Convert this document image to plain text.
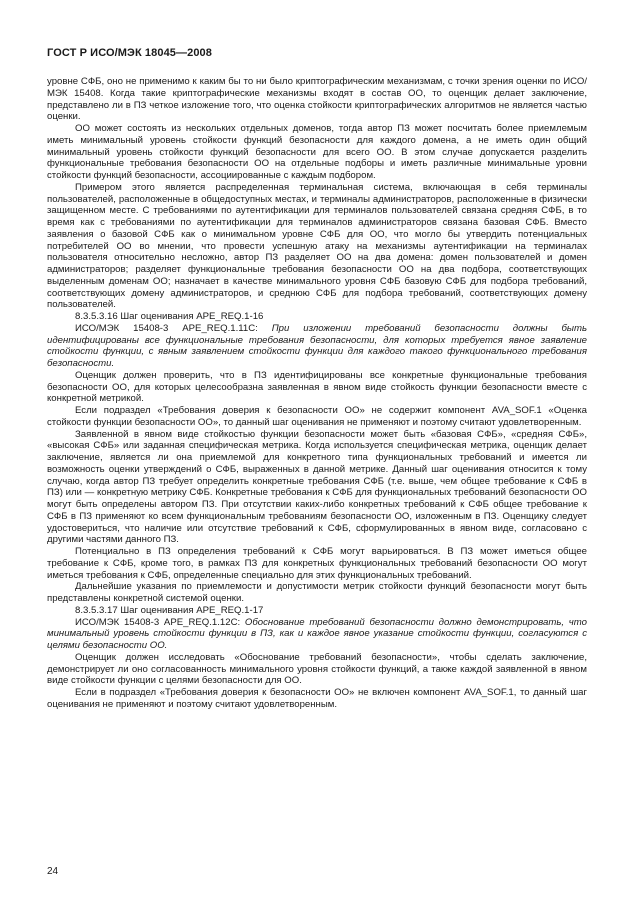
ГОСТ Р ИСО/МЭК 18045—2008

уровне СФБ, оно не применимо к каким бы то ни было криптографическим механизмам, с точки зрения оценки по ИСО/МЭК 15408. Когда такие криптографические механизмы входят в состав ОО, то оценщик делает заключение, представлено ли в ПЗ четкое изложение того, что оценка стойкости криптографических алгоритмов не является частью оценки.

ОО может состоять из нескольких отдельных доменов, тогда автор ПЗ может посчитать более приемлемым иметь минимальный уровень стойкости функций безопасности для каждого домена, а не иметь один общий минимальный уровень стойкости функций безопасности для всего ОО. В этом случае допускается разделить функциональные требования безопасности ОО на отдельные подборы и иметь различные минимальные уровни стойкости функций безопасности, ассоциированные с каждым подбором.

Примером этого является распределенная терминальная система, включающая в себя терминалы пользователей, расположенные в общедоступных местах, и терминалы администраторов, расположенные в физически защищенном месте. С требованиями по аутентификации для терминалов пользователей связана средняя СФБ, в то время как с требованиями по аутентификации для терминалов администраторов связана базовая СФБ. Вместо заявления о базовой СФБ как о минимальном уровне СФБ для ОО, что могло бы утвердить потенциальных потребителей ОО во мнении, что провести успешную атаку на механизмы аутентификации на терминалах пользователя относительно несложно, автор ПЗ разделяет ОО на два домена: домен пользователей и домен администраторов; разделяет функциональные требования безопасности ОО на два подбора, соответствующих выделенным доменам ОО; назначает в качестве минимального уровня СФБ базовую СФБ для подбора требований, соответствующих домену администраторов, и среднюю СФБ для подбора требований, соответствующих домену пользователей.

8.3.5.3.16 Шаг оценивания APE_REQ.1-16

ИСО/МЭК 15408-3 APE_REQ.1.11C: При изложении требований безопасности должны быть идентифицированы все функциональные требования безопасности, для которых требуется явное заявление стойкости функции, с явным заявлением стойкости функции для каждого такого функционального требования безопасности.

Оценщик должен проверить, что в ПЗ идентифицированы все конкретные функциональные требования безопасности ОО, для которых целесообразна заявленная в явном виде стойкость функции безопасности вместе с конкретной метрикой.

Если подраздел «Требования доверия к безопасности ОО» не содержит компонент AVA_SOF.1 «Оценка стойкости функции безопасности ОО», то данный шаг оценивания не применяют и поэтому считают удовлетворенным.

Заявленной в явном виде стойкостью функции безопасности может быть «базовая СФБ», «средняя СФБ», «высокая СФБ» или заданная специфическая метрика. Когда используется специфическая метрика, оценщик делает заключение, является ли она приемлемой для конкретного типа функциональных требований и имеется ли возможность оценки утверждений о СФБ, выраженных в данной метрике. Данный шаг оценивания относится к тому случаю, когда автор ПЗ требует определить конкретные требования СФБ (т.е. выше, чем общее требование к СФБ в ПЗ) или — конкретную метрику СФБ. Конкретные требования к СФБ для функциональных требований безопасности ОО могут быть определены автором ПЗ. При отсутствии каких-либо конкретных требований к СФБ общее требование к СФБ в ПЗ применяют ко всем функциональным требованиям безопасности ОО, изложенным в ПЗ. Оценщику следует удостовериться, что наличие или отсутствие требований к СФБ, сформулированных в явном виде, согласовано с другими частями данного ПЗ.

Потенциально в ПЗ определения требований к СФБ могут варьироваться. В ПЗ может иметься общее требование к СФБ, кроме того, в рамках ПЗ для конкретных функциональных требований безопасности ОО могут иметься требования к СФБ, определенные специально для этих функциональных требований.

Дальнейшие указания по приемлемости и допустимости метрик стойкости функций безопасности могут быть представлены конкретной системой оценки.

8.3.5.3.17 Шаг оценивания APE_REQ.1-17

ИСО/МЭК 15408-3 APE_REQ.1.12C: Обоснование требований безопасности должно демонстрировать, что минимальный уровень стойкости функции в ПЗ, как и каждое явное указание стойкости функции, согласуются с целями безопасности ОО.

Оценщик должен исследовать «Обоснование требований безопасности», чтобы сделать заключение, демонстрирует ли оно согласованность минимального уровня стойкости функций, а также каждой заявленной в явном виде стойкости функции с целями безопасности для ОО.

Если в подраздел «Требования доверия к безопасности ОО» не включен компонент AVA_SOF.1, то данный шаг оценивания не применяют и поэтому считают удовлетворенным.

24
